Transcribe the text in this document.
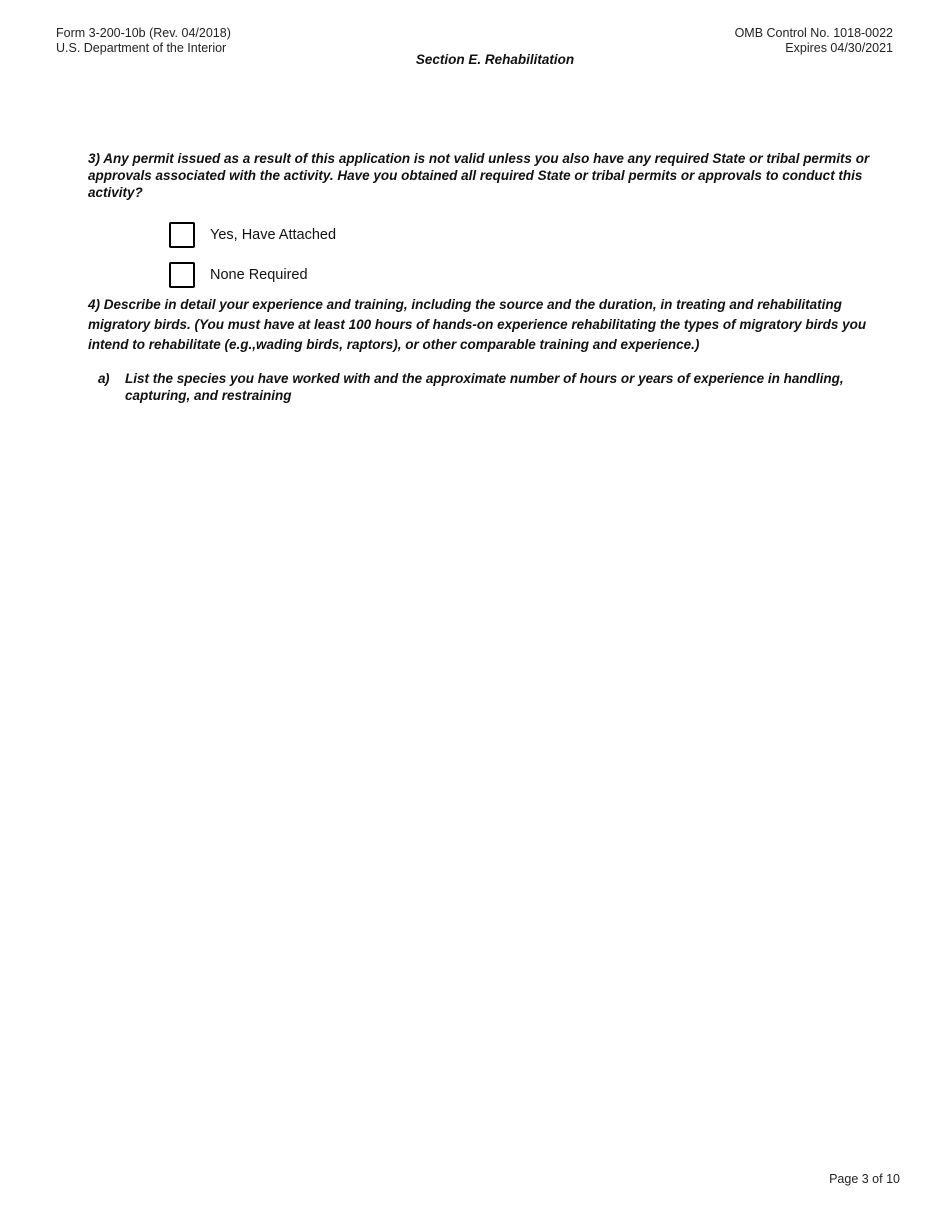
Form 3-200-10b (Rev. 04/2018)
U.S. Department of the Interior
OMB Control No. 1018-0022
Expires 04/30/2021
Section E. Rehabilitation
3) Any permit issued as a result of this application is not valid unless you also have any required State or tribal permits or approvals associated with the activity. Have you obtained all required State or tribal permits or approvals to conduct this activity?
Yes, Have Attached
None Required
4) Describe in detail your experience and training, including the source and the duration, in treating and rehabilitating migratory birds. (You must have at least 100 hours of hands-on experience rehabilitating the types of migratory birds you intend to rehabilitate (e.g.,wading birds, raptors), or other comparable training and experience.)
a)	List the species you have worked with and the approximate number of hours or years of experience in handling, capturing, and restraining
Page 3 of 10
